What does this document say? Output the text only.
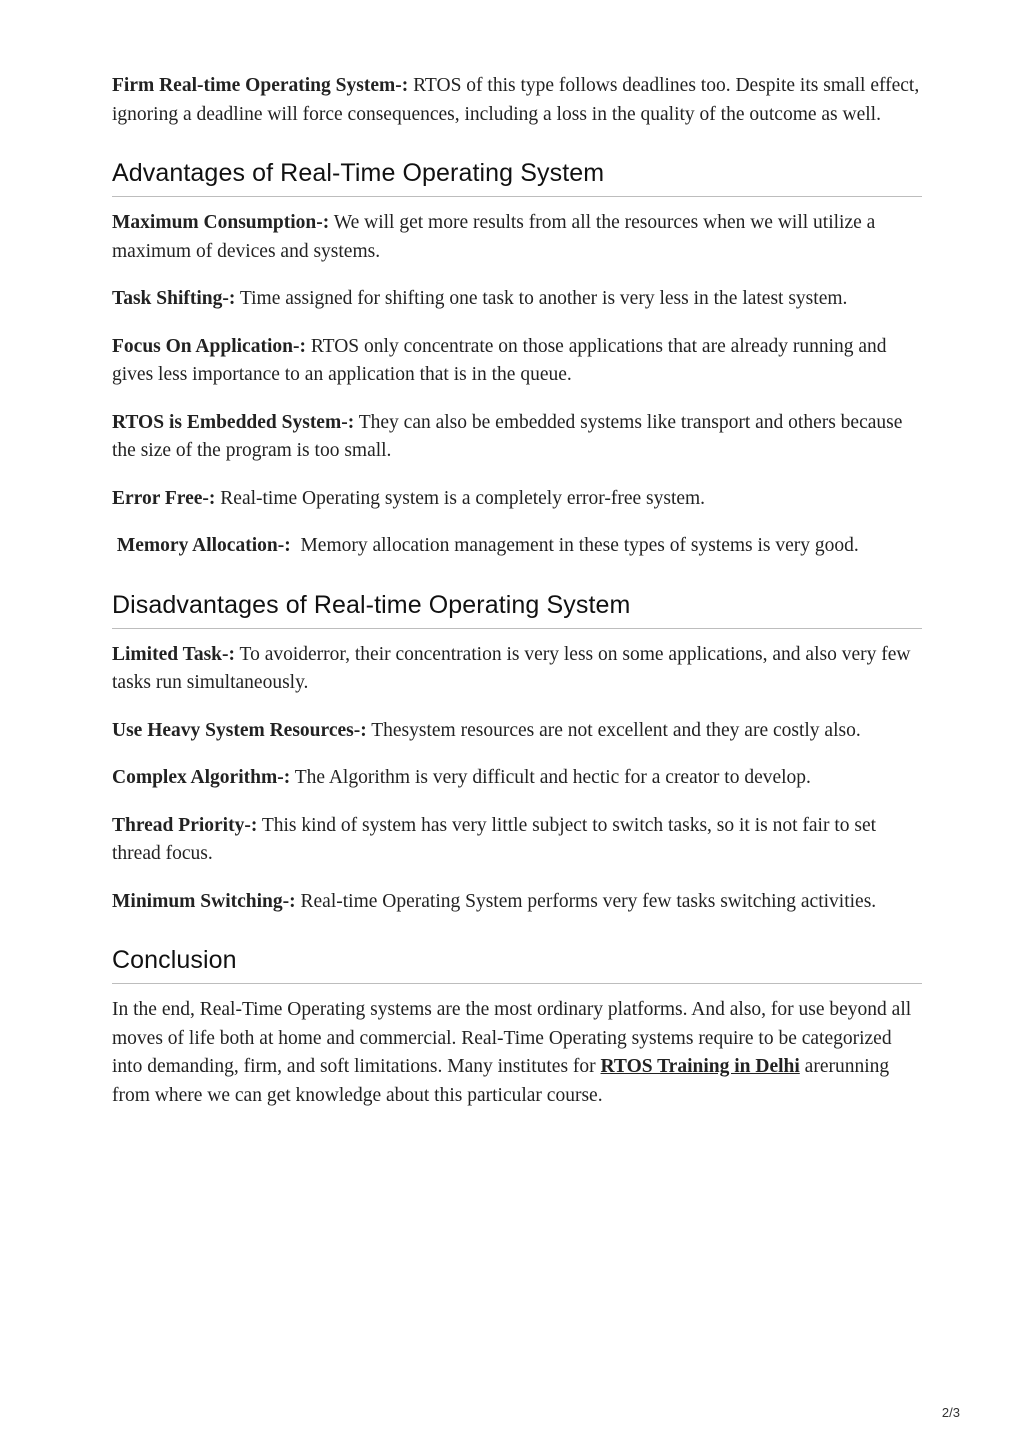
Firm Real-time Operating System-: RTOS of this type follows deadlines too. Despite its small effect, ignoring a deadline will force consequences, including a loss in the quality of the outcome as well.

Advantages of Real-Time Operating System

Maximum Consumption-: We will get more results from all the resources when we will utilize a maximum of devices and systems.

Task Shifting-: Time assigned for shifting one task to another is very less in the latest system.

Focus On Application-: RTOS only concentrate on those applications that are already running and gives less importance to an application that is in the queue.

RTOS is Embedded System-: They can also be embedded systems like transport and others because the size of the program is too small.

Error Free-: Real-time Operating system is a completely error-free system.

Memory Allocation-:  Memory allocation management in these types of systems is very good.

Disadvantages of Real-time Operating System

Limited Task-: To avoiderror, their concentration is very less on some applications, and also very few tasks run simultaneously.

Use Heavy System Resources-: Thesystem resources are not excellent and they are costly also.

Complex Algorithm-: The Algorithm is very difficult and hectic for a creator to develop.

Thread Priority-: This kind of system has very little subject to switch tasks, so it is not fair to set thread focus.

Minimum Switching-: Real-time Operating System performs very few tasks switching activities.

Conclusion

In the end, Real-Time Operating systems are the most ordinary platforms. And also, for use beyond all moves of life both at home and commercial. Real-Time Operating systems require to be categorized into demanding, firm, and soft limitations. Many institutes for RTOS Training in Delhi arerunning from where we can get knowledge about this particular course.

2/3
